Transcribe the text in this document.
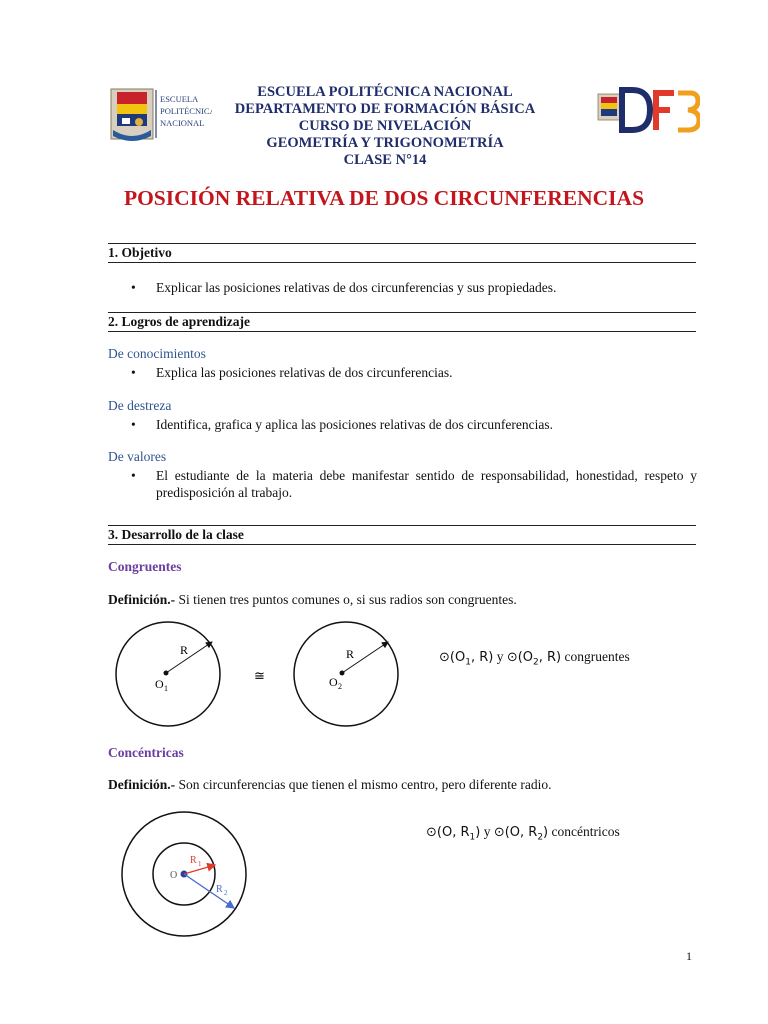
ESCUELA
POLITÉCNICA
NACIONAL
ESCUELA POLITÉCNICA NACIONAL
DEPARTAMENTO DE FORMACIÓN BÁSICA
CURSO DE NIVELACIÓN
GEOMETRÍA Y TRIGONOMETRÍA
CLASE N°14
DFB
POSICIÓN RELATIVA DE DOS CIRCUNFERENCIAS
1. Objetivo
• Explicar las posiciones relativas de dos circunferencias y sus propiedades.
2. Logros de aprendizaje
De conocimientos
• Explica las posiciones relativas de dos circunferencias.
De destreza
• Identifica, grafica y aplica las posiciones relativas de dos circunferencias.
De valores
• El estudiante de la materia debe manifestar sentido de responsabilidad, honestidad, respeto y predisposición al trabajo.
3. Desarrollo de la clase
Congruentes
Definición.- Si tienen tres puntos comunes o, si sus radios son congruentes.
R
O 1
≅
R
O 2
$⊙(O_1$, R) y $⊙(O_2$, R) congruentes
Concéntricas
Definición.- Son circunferencias que tienen el mismo centro, pero diferente radio.
O
R 1
R 2
⊙(O, $R_1$) y ⊙(O, $R_2$) concéntricos
1
